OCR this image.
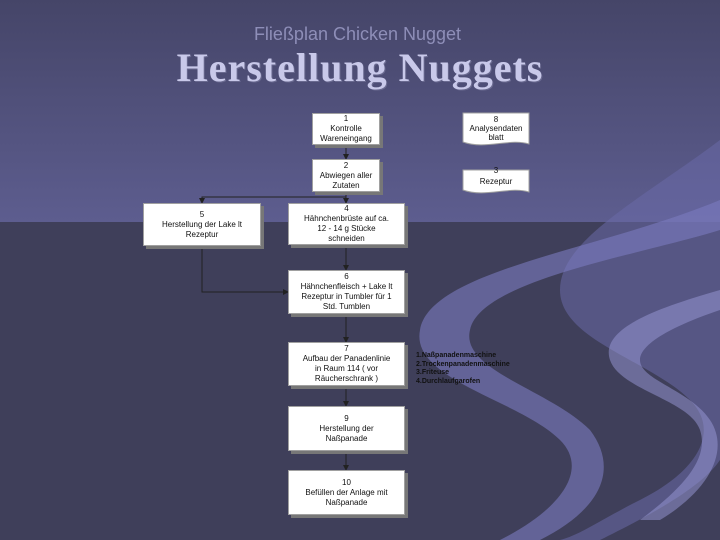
Fließplan Chicken Nugget
Herstellung Nuggets
1
Kontrolle
Wareneingang
2
Abwiegen aller
Zutaten
5
Herstellung der Lake lt
Rezeptur
4
Hähnchenbrüste auf ca.
12 - 14 g Stücke
schneiden
6
Hähnchenfleisch + Lake lt
Rezeptur in Tumbler für 1
Std. Tumblen
7
Aufbau der Panadenlinie
in Raum 114 ( vor
Räucherschrank )
9
Herstellung der
Naßpanade
10
Befüllen der Anlage mit
Naßpanade
8
Analysendaten
blatt
3
Rezeptur
1.Naßpanadenmaschine
2.Trockenpanadenmaschine
3.Friteuse
4.Durchlaufgarofen
